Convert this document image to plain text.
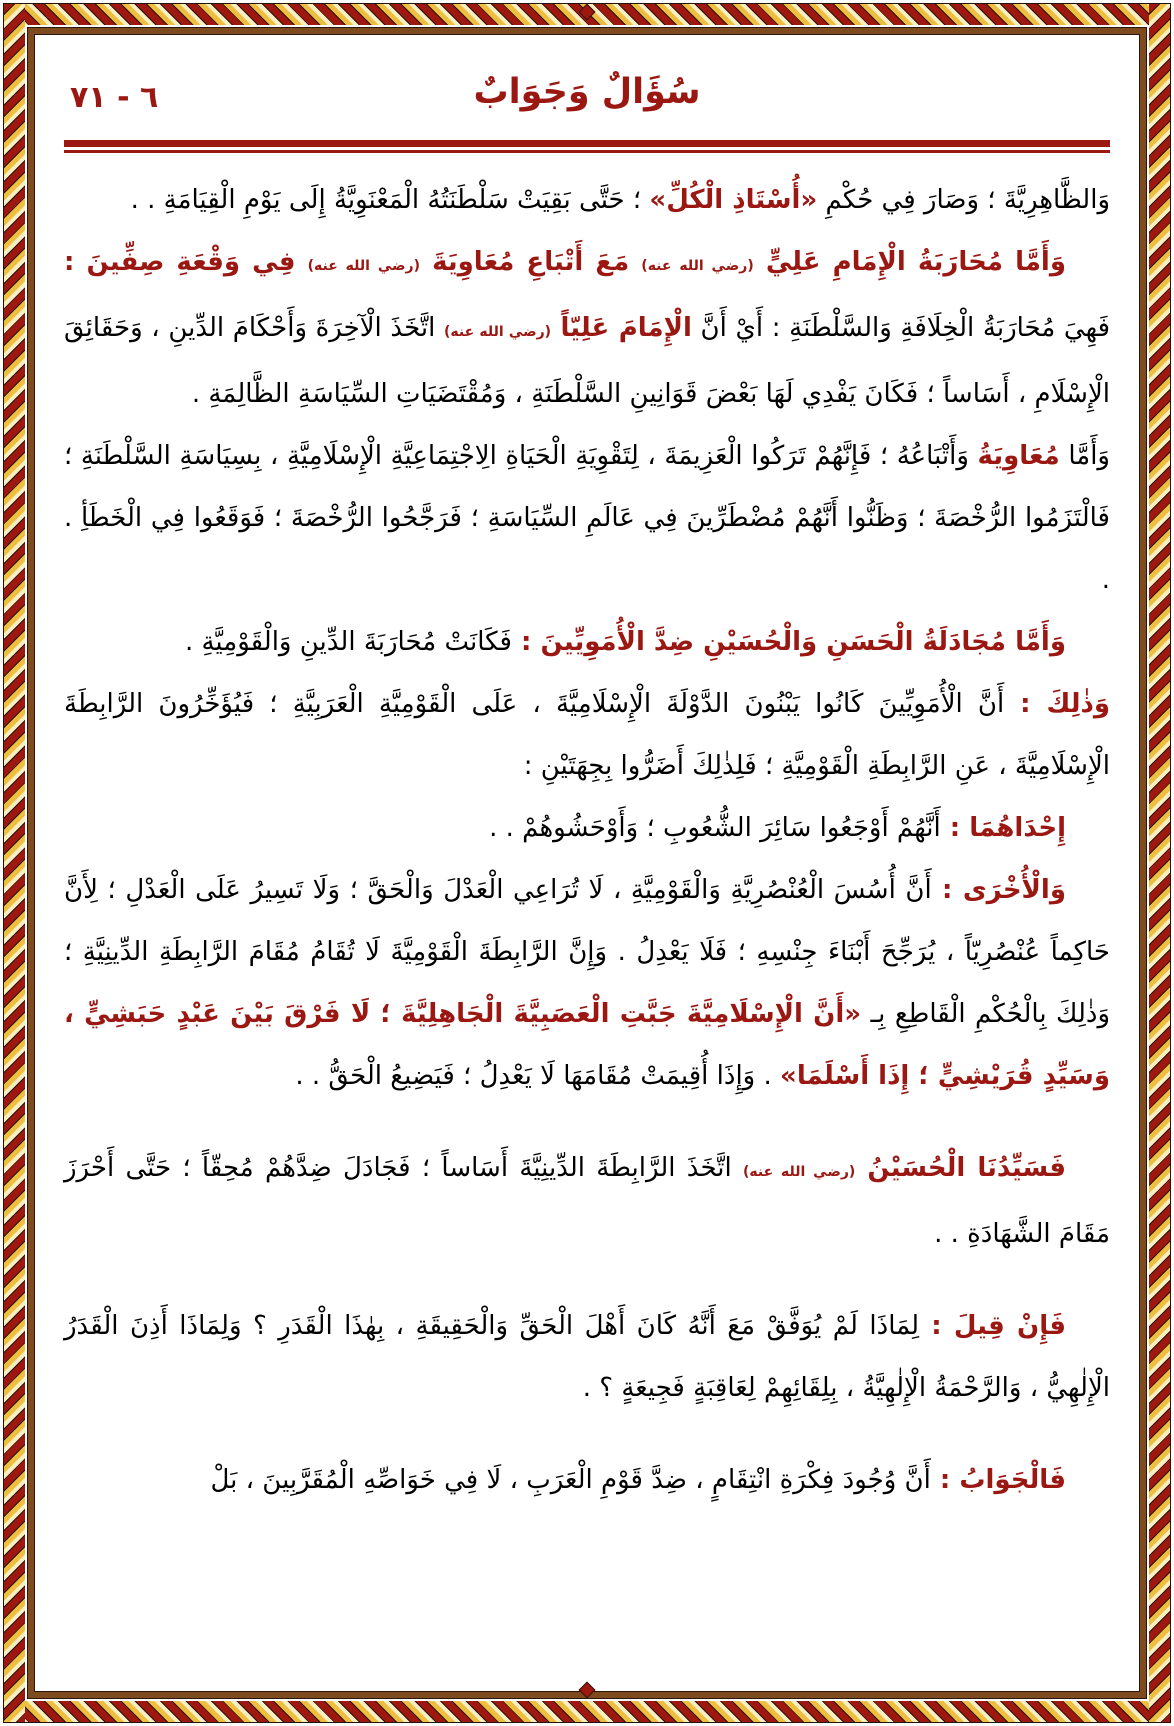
٦ - ٧١	سُؤَالٌ وَجَوَابٌ

وَالظَّاهِرِيَّةَ ؛ وَصَارَ فِي حُكْمِ «أُسْتَاذِ الْكُلِّ» ؛ حَتَّى بَقِيَتْ سَلْطَنَتُهُ الْمَعْنَوِيَّةُ إِلَى يَوْمِ الْقِيَامَةِ . .

وَأَمَّا مُحَارَبَةُ الْإِمَامِ عَلِيٍّ (رضي الله عنه) مَعَ أَتْبَاعِ مُعَاوِيَةَ (رضي الله عنه) فِي وَقْعَةِ صِفِّينَ : فَهِيَ مُحَارَبَةُ الْخِلَافَةِ وَالسَّلْطَنَةِ : أَيْ أَنَّ الْإِمَامَ عَلِيّاً (رضي الله عنه) اتَّخَذَ الْآخِرَةَ وَأَحْكَامَ الدِّينِ ، وَحَقَائِقَ الْإِسْلَامِ ، أَسَاساً ؛ فَكَانَ يَفْدِي لَهَا بَعْضَ قَوَانِينِ السَّلْطَنَةِ ، وَمُقْتَضَيَاتِ السِّيَاسَةِ الظَّالِمَةِ .

وَأَمَّا مُعَاوِيَةُ وَأَتْبَاعُهُ ؛ فَإِنَّهُمْ تَرَكُوا الْعَزِيمَةَ ، لِتَقْوِيَةِ الْحَيَاةِ الِاجْتِمَاعِيَّةِ الْإِسْلَامِيَّةِ ، بِسِيَاسَةِ السَّلْطَنَةِ ؛ فَالْتَزَمُوا الرُّخْصَةَ ؛ وَظَنُّوا أَنَّهُمْ مُضْطَرِّينَ فِي عَالَمِ السِّيَاسَةِ ؛ فَرَجَّحُوا الرُّخْصَةَ ؛ فَوَقَعُوا فِي الْخَطَأِ . .

وَأَمَّا مُجَادَلَةُ الْحَسَنِ وَالْحُسَيْنِ ضِدَّ الْأُمَوِيِّينَ : فَكَانَتْ مُحَارَبَةَ الدِّينِ وَالْقَوْمِيَّةِ .

وَذٰلِكَ : أَنَّ الْأُمَوِيِّينَ كَانُوا يَبْنُونَ الدَّوْلَةَ الْإِسْلَامِيَّةَ ، عَلَى الْقَوْمِيَّةِ الْعَرَبِيَّةِ ؛ فَيُؤَخِّرُونَ الرَّابِطَةَ الْإِسْلَامِيَّةَ ، عَنِ الرَّابِطَةِ الْقَوْمِيَّةِ ؛ فَلِذٰلِكَ أَضَرُّوا بِجِهَتَيْنِ :

إِحْدَاهُمَا : أَنَّهُمْ أَوْجَعُوا سَائِرَ الشُّعُوبِ ؛ وَأَوْحَشُوهُمْ . .

وَالْأُخْرَى : أَنَّ أُسُسَ الْعُنْصُرِيَّةِ وَالْقَوْمِيَّةِ ، لَا تُرَاعِي الْعَدْلَ وَالْحَقَّ ؛ وَلَا تَسِيرُ عَلَى الْعَدْلِ ؛ لِأَنَّ حَاكِماً عُنْصُرِيّاً ، يُرَجِّحَ أَبْنَاءَ جِنْسِهِ ؛ فَلَا يَعْدِلُ . وَإِنَّ الرَّابِطَةَ الْقَوْمِيَّةَ لَا تُقَامُ مُقَامَ الرَّابِطَةِ الدِّينِيَّةِ ؛ وَذٰلِكَ بِالْحُكْمِ الْقَاطِعِ بِـ «أَنَّ الْإِسْلَامِيَّةَ جَبَّتِ الْعَصَبِيَّةَ الْجَاهِلِيَّةَ ؛ لَا فَرْقَ بَيْنَ عَبْدٍ حَبَشِيٍّ ، وَسَيِّدٍ قُرَيْشِيٍّ ؛ إِذَا أَسْلَمَا» . وَإِذَا أُقِيمَتْ مُقَامَهَا لَا يَعْدِلُ ؛ فَيَضِيعُ الْحَقُّ . .

فَسَيِّدُنَا الْحُسَيْنُ (رضي الله عنه) اتَّخَذَ الرَّابِطَةَ الدِّينِيَّةَ أَسَاساً ؛ فَجَادَلَ ضِدَّهُمْ مُحِقّاً ؛ حَتَّى أَحْرَزَ مَقَامَ الشَّهَادَةِ . .

فَإِنْ قِيلَ : لِمَاذَا لَمْ يُوَفَّقْ مَعَ أَنَّهُ كَانَ أَهْلَ الْحَقِّ وَالْحَقِيقَةِ ، بِهٰذَا الْقَدَرِ ؟ وَلِمَاذَا أَذِنَ الْقَدَرُ الْإِلٰهِيُّ ، وَالرَّحْمَةُ الْإِلٰهِيَّةُ ، بِلِقَائِهِمْ لِعَاقِبَةٍ فَجِيعَةٍ ؟ .

فَالْجَوَابُ : أَنَّ وُجُودَ فِكْرَةِ انْتِقَامٍ ، ضِدَّ قَوْمِ الْعَرَبِ ، لَا فِي خَوَاصِّهِ الْمُقَرَّبِينَ ، بَلْ
